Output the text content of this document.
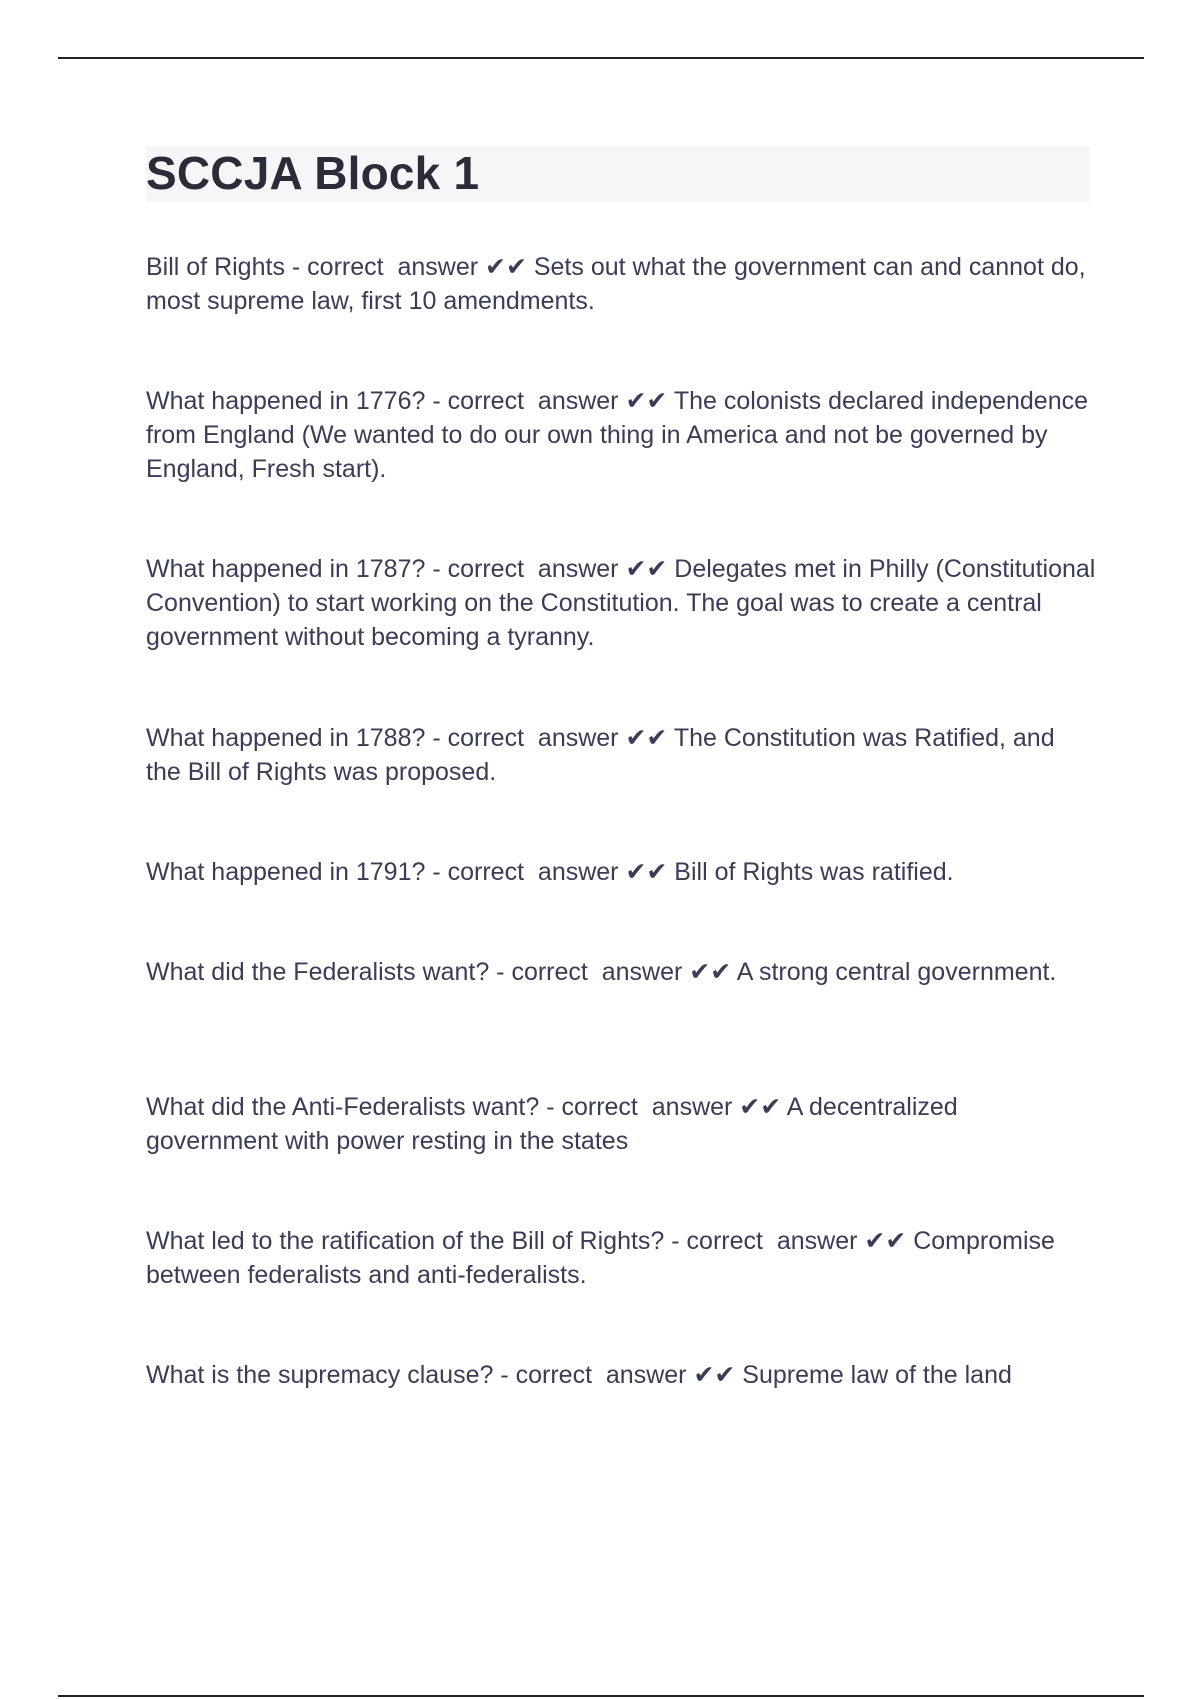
SCCJA Block 1

Bill of Rights - correct  answer ✔✔ Sets out what the government can and cannot do, most supreme law, first 10 amendments.

What happened in 1776? - correct  answer ✔✔ The colonists declared independence from England (We wanted to do our own thing in America and not be governed by England, Fresh start).

What happened in 1787? - correct  answer ✔✔ Delegates met in Philly (Constitutional Convention) to start working on the Constitution. The goal was to create a central government without becoming a tyranny.

What happened in 1788? - correct  answer ✔✔ The Constitution was Ratified, and the Bill of Rights was proposed.

What happened in 1791? - correct  answer ✔✔ Bill of Rights was ratified.

What did the Federalists want? - correct  answer ✔✔ A strong central government.

What did the Anti-Federalists want? - correct  answer ✔✔ A decentralized government with power resting in the states

What led to the ratification of the Bill of Rights? - correct  answer ✔✔ Compromise between federalists and anti-federalists.

What is the supremacy clause? - correct  answer ✔✔ Supreme law of the land
